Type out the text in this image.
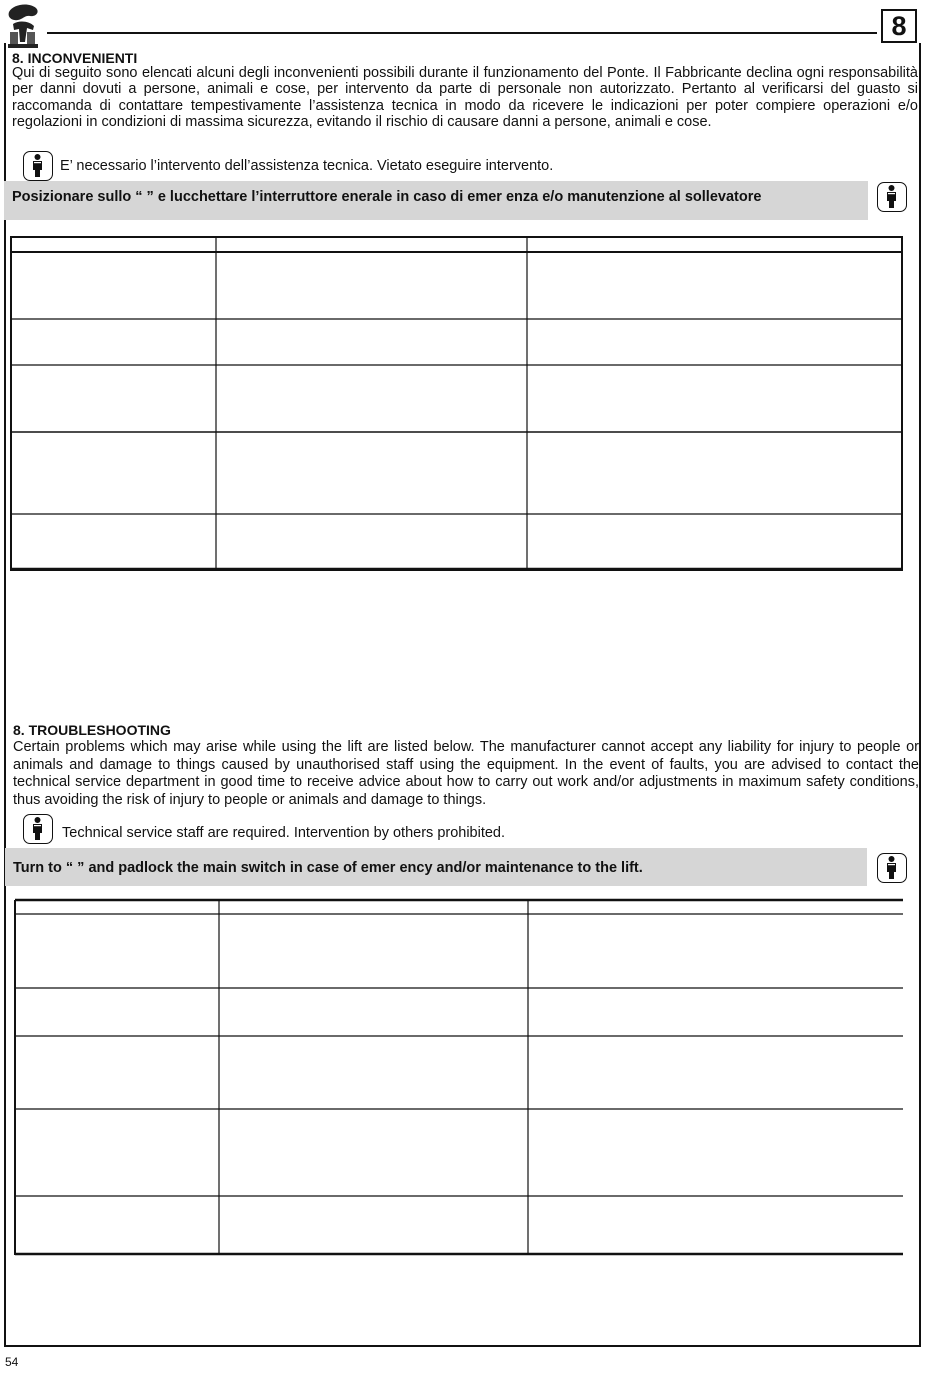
8
8. INCONVENIENTI
Qui di seguito sono elencati alcuni degli inconvenienti possibili durante il funzionamento del Ponte. Il Fabbricante declina ogni responsabilità per danni dovuti a persone, animali e cose, per intervento da parte di personale non autorizzato. Pertanto al verificarsi del guasto si raccomanda di contattare tempestivamente l’assistenza tecnica in modo da ricevere le indicazioni per poter compiere operazioni e/o regolazioni in condizioni di massima sicurezza, evitando il rischio di causare danni a persone, animali e cose.
E’ necessario l’intervento dell’assistenza tecnica. Vietato eseguire intervento.
Posizionare sullo “ ” e lucchettare l’interruttore enerale in caso di emer enza e/o manutenzione al sollevatore
8. TROUBLESHOOTING
Certain problems which may arise while using the lift are listed below. The manufacturer cannot accept any liability for injury to people or animals and damage to things caused by unauthorised staff using the equipment. In the event of faults, you are advised to contact the technical service department in good time to receive advice about how to carry out work and/or adjustments in maximum safety conditions, thus avoiding the risk of injury to people or animals and damage to things.
Technical service staff are required. Intervention by others prohibited.
Turn to “ ” and padlock the main switch in case of emer ency and/or maintenance to the lift.
54
